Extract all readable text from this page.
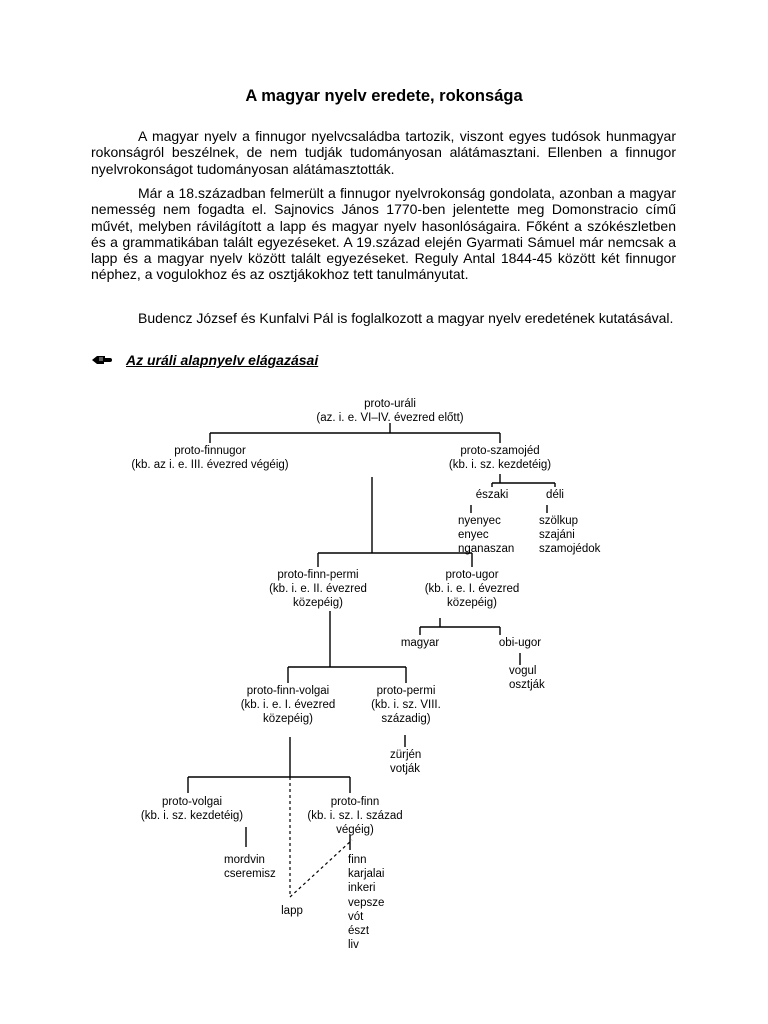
A magyar nyelv eredete, rokonsága

A magyar nyelv a finnugor nyelvcsaládba tartozik, viszont egyes tudósok hunmagyar rokonságról beszélnek, de nem tudják tudományosan alátámasztani. Ellenben a finnugor nyelvrokonságot tudományosan alátámasztották.

Már a 18.században felmerült a finnugor nyelvrokonság gondolata, azonban a magyar nemesség nem fogadta el. Sajnovics János 1770-ben jelentette meg Domonstracio című művét, melyben rávilágított a lapp és magyar nyelv hasonlóságaira. Főként a szókészletben és a grammatikában talált egyezéseket. A 19.század elején Gyarmati Sámuel már nemcsak a lapp és a magyar nyelv között talált egyezéseket. Reguly Antal 1844-45 között két finnugor néphez, a vogulokhoz és az osztjákokhoz tett tanulmányutat.

Budencz József és Kunfalvi Pál is foglalkozott a magyar nyelv eredetének kutatásával.

Az uráli alapnyelv elágazásai
proto-uráli
(az. i. e. VI–IV. évezred előtt)
proto-finnugor
(kb. az i. e. III. évezred végéig)
proto-szamojéd
(kb. i. sz. kezdetéig)
északi
nyenyec
enyec
nganaszan
déli
szölkup
szajáni
szamojédok
proto-finn-permi
(kb. i. e. II. évezred
közepéig)
proto-ugor
(kb. i. e. I. évezred
közepéig)
magyar	obi-ugor
vogul
osztják
proto-finn-volgai
(kb. i. e. I. évezred
közepéig)
proto-permi
(kb. i. sz. VIII.
századig)
zürjén
votják
proto-volgai
(kb. i. sz. kezdetéig)
mordvin
cseremisz
proto-finn
(kb. i. sz. I. század
végéig)
lapp
finn
karjalai
inkeri
vepsze
vót
észt
liv
